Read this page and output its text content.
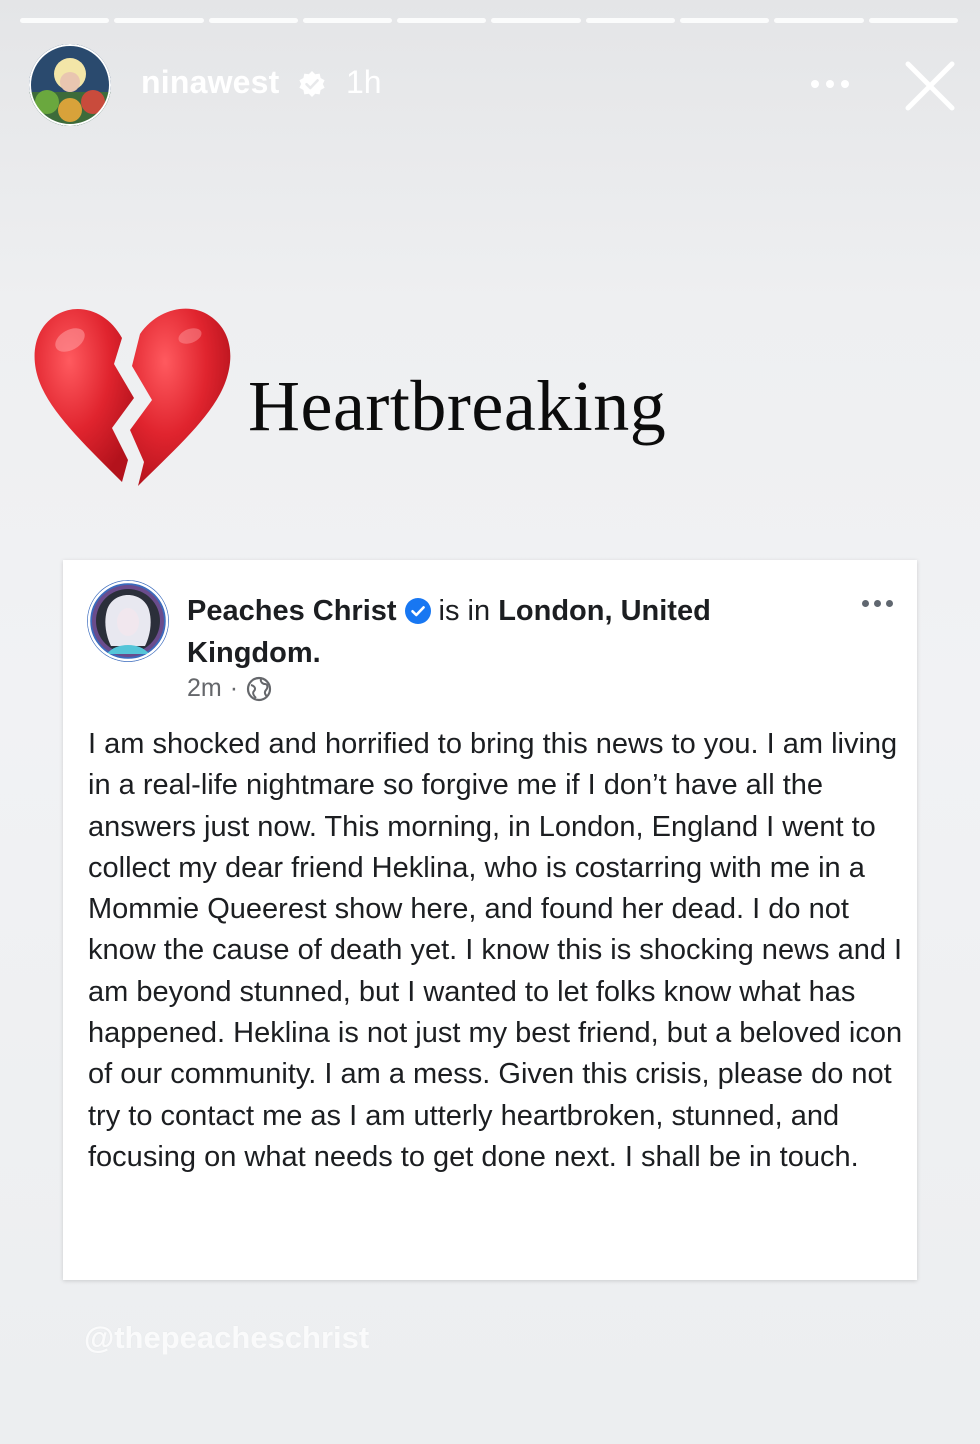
ninawest 1h
Heartbreaking
Peaches Christ is in London, United Kingdom.
2m ·
I am shocked and horrified to bring this news to you. I am living in a real-life nightmare so forgive me if I don’t have all the answers just now. This morning, in London, England I went to collect my dear friend Heklina, who is costarring with me in a Mommie Queerest show here, and found her dead. I do not know the cause of death yet. I know this is shocking news and I am beyond stunned, but I wanted to let folks know what has happened. Heklina is not just my best friend, but a beloved icon of our community. I am a mess. Given this crisis, please do not try to contact me as I am utterly heartbroken, stunned, and focusing on what needs to get done next. I shall be in touch.
@thepeacheschrist
